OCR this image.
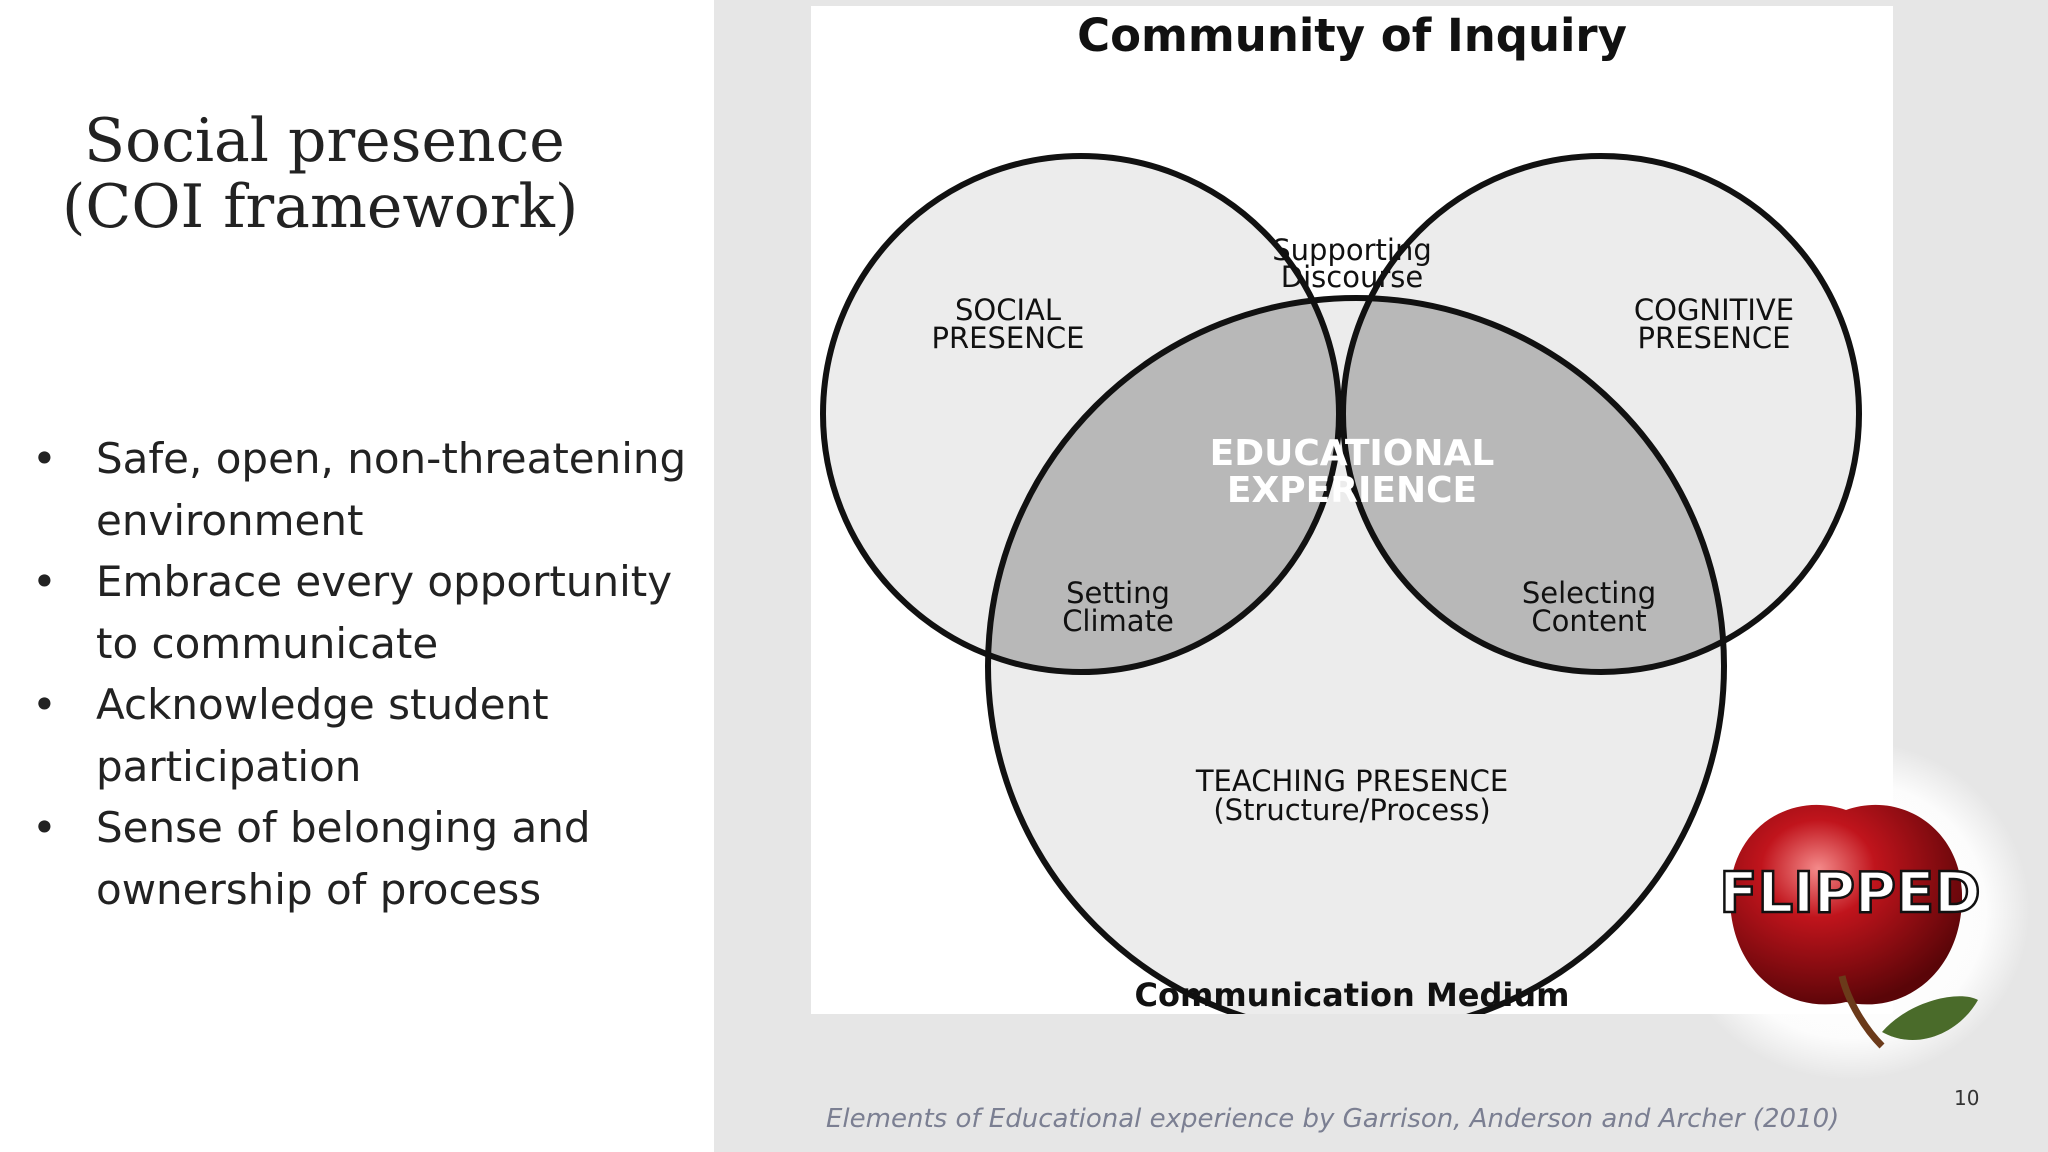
Social presence
(COI framework)
• Safe, open, non-threatening
environment
• Embrace every opportunity
to communicate
• Acknowledge student
participation
• Sense of belonging and
ownership of process
Community of Inquiry
SOCIAL
PRESENCE
COGNITIVE
PRESENCE
Supporting
Discourse
Setting
Climate
Selecting
Content
EDUCATIONAL
EXPERIENCE
TEACHING PRESENCE
(Structure/Process)
Communication Medium
FLIPPED
Elements of Educational experience by Garrison, Anderson and Archer (2010)
10
